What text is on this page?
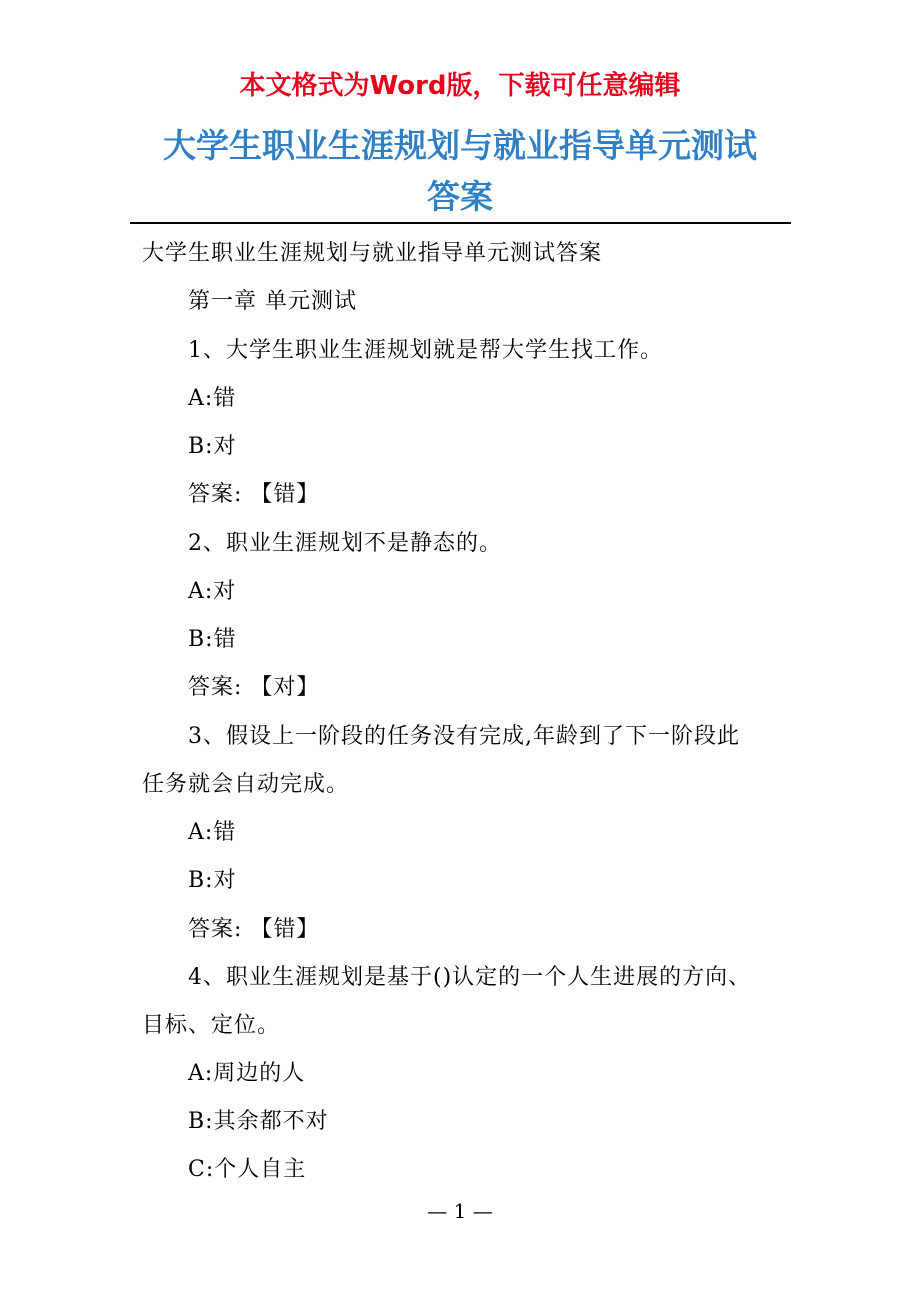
本文格式为Word版，下载可任意编辑
大学生职业生涯规划与就业指导单元测试
答案
大学生职业生涯规划与就业指导单元测试答案
第一章 单元测试
1、大学生职业生涯规划就是帮大学生找工作。
A:错
B:对
答案: 【错】
2、职业生涯规划不是静态的。
A:对
B:错
答案: 【对】
3、假设上一阶段的任务没有完成,年龄到了下一阶段此
任务就会自动完成。
A:错
B:对
答案: 【错】
4、职业生涯规划是基于()认定的一个人生进展的方向、
目标、定位。
A:周边的人
B:其余都不对
C:个人自主
— 1 —
